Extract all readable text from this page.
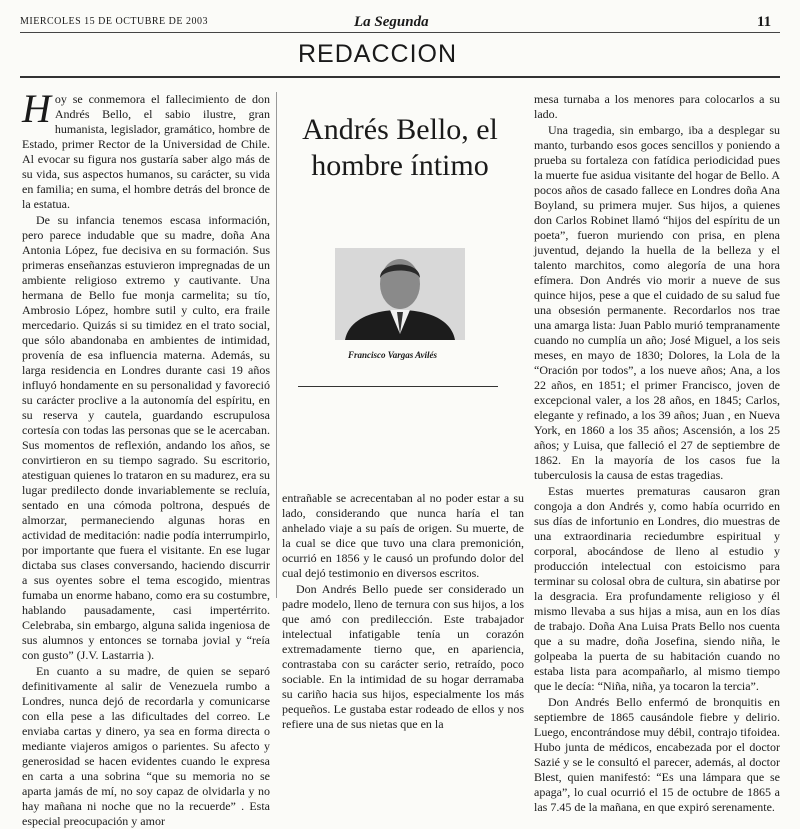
MIERCOLES 15 DE OCTUBRE DE 2003	La Segunda	11
REDACCION

Hoy se conmemora el fallecimiento de don Andrés Bello, el sabio ilustre, gran humanista, legislador, gramático, hombre de Estado, primer Rector de la Universidad de Chile. Al evocar su figura nos gustaría saber algo más de su vida, sus aspectos humanos, su carácter, su vida en familia; en suma, el hombre detrás del bronce de la estatua.

De su infancia tenemos escasa información, pero parece indudable que su madre, doña Ana Antonia López, fue decisiva en su formación. Sus primeras enseñanzas estuvieron impregnadas de un ambiente religioso extremo y cautivante. Una hermana de Bello fue monja carmelita; su tío, Ambrosio López, hombre sutil y culto, era fraile mercedario. Quizás si su timidez en el trato social, que sólo abandonaba en ambientes de intimidad, provenía de esa influencia materna. Además, su larga residencia en Londres durante casi 19 años influyó hondamente en su personalidad y favoreció su carácter proclive a la autonomía del espíritu, en su reserva y cautela, guardando escrupulosa cortesía con todas las personas que se le acercaban. Sus momentos de reflexión, andando los años, se convirtieron en su tiempo sagrado. Su escritorio, atestiguan quienes lo trataron en su madurez, era su lugar predilecto donde invariablemente se recluía, sentado en una cómoda poltrona, después de almorzar, permaneciendo algunas horas en actividad de meditación: nadie podía interrumpirlo, por importante que fuera el visitante. En ese lugar dictaba sus clases conversando, haciendo discurrir a sus oyentes sobre el tema escogido, mientras fumaba un enorme habano, como era su costumbre, hablando pausadamente, casi impertérrito. Celebraba, sin embargo, alguna salida ingeniosa de sus alumnos y entonces se tornaba jovial y “reía con gusto” (J.V. Lastarria ).

En cuanto a su madre, de quien se separó definitivamente al salir de Venezuela rumbo a Londres, nunca dejó de recordarla y comunicarse con ella pese a las dificultades del correo. Le enviaba cartas y dinero, ya sea en forma directa o mediante viajeros amigos o parientes. Su afecto y generosidad se hacen evidentes cuando le expresa en carta a una sobrina “que su memoria no se aparta jamás de mí, no soy capaz de olvidarla y no hay mañana ni noche que no la recuerde” . Esta especial preocupación y amor

Andrés Bello, el hombre íntimo
Francisco Vargas Avilés

entrañable se acrecentaban al no poder estar a su lado, considerando que nunca haría el tan anhelado viaje a su país de origen. Su muerte, de la cual se dice que tuvo una clara premonición, ocurrió en 1856 y le causó un profundo dolor del cual dejó testimonio en diversos escritos.

Don Andrés Bello puede ser considerado un padre modelo, lleno de ternura con sus hijos, a los que amó con predilección. Este trabajador intelectual infatigable tenía un corazón extremadamente tierno que, en apariencia, contrastaba con su carácter serio, retraído, poco sociable. En la intimidad de su hogar derramaba su cariño hacia sus hijos, especialmente los más pequeños. Le gustaba estar rodeado de ellos y nos refiere una de sus nietas que en la

mesa turnaba a los menores para colocarlos a su lado.

Una tragedia, sin embargo, iba a desplegar su manto, turbando esos goces sencillos y poniendo a prueba su fortaleza con fatídica periodicidad pues la muerte fue asidua visitante del hogar de Bello. A pocos años de casado fallece en Londres doña Ana Boyland, su primera mujer. Sus hijos, a quienes don Carlos Robinet llamó “hijos del espíritu de un poeta”, fueron muriendo con prisa, en plena juventud, dejando la huella de la belleza y el talento marchitos, como alegoría de una hora efímera. Don Andrés vio morir a nueve de sus quince hijos, pese a que el cuidado de su salud fue una obsesión permanente. Recordarlos nos trae una amarga lista: Juan Pablo murió tempranamente cuando no cumplía un año; José Miguel, a los seis meses, en mayo de 1830; Dolores, la Lola de la “Oración por todos”, a los nueve años; Ana, a los 22 años, en 1851; el primer Francisco, joven de excepcional valer, a los 28 años, en 1845; Carlos, elegante y refinado, a los 39 años; Juan , en Nueva York, en 1860 a los 35 años; Ascensión, a los 25 años; y Luisa, que falleció el 27 de septiembre de 1862. En la mayoría de los casos fue la tuberculosis la causa de estas tragedias.

Estas muertes prematuras causaron gran congoja a don Andrés y, como había ocurrido en sus días de infortunio en Londres, dio muestras de una extraordinaria reciedumbre espiritual y corporal, abocándose de lleno al estudio y producción intelectual con estoicismo para terminar su colosal obra de cultura, sin abatirse por la desgracia. Era profundamente religioso y él mismo llevaba a sus hijas a misa, aun en los días de trabajo. Doña Ana Luisa Prats Bello nos cuenta que a su madre, doña Josefina, siendo niña, le golpeaba la puerta de su habitación cuando no estaba lista para acompañarlo, al mismo tiempo que le decía: “Niña, niña, ya tocaron la tercia”.

Don Andrés Bello enfermó de bronquitis en septiembre de 1865 causándole fiebre y delirio. Luego, encontrándose muy débil, contrajo tifoidea. Hubo junta de médicos, encabezada por el doctor Sazié y se le consultó el parecer, además, al doctor Blest, quien manifestó: “Es una lámpara que se apaga”, lo cual ocurrió el 15 de octubre de 1865 a las 7.45 de la mañana, en que expiró serenamente.
